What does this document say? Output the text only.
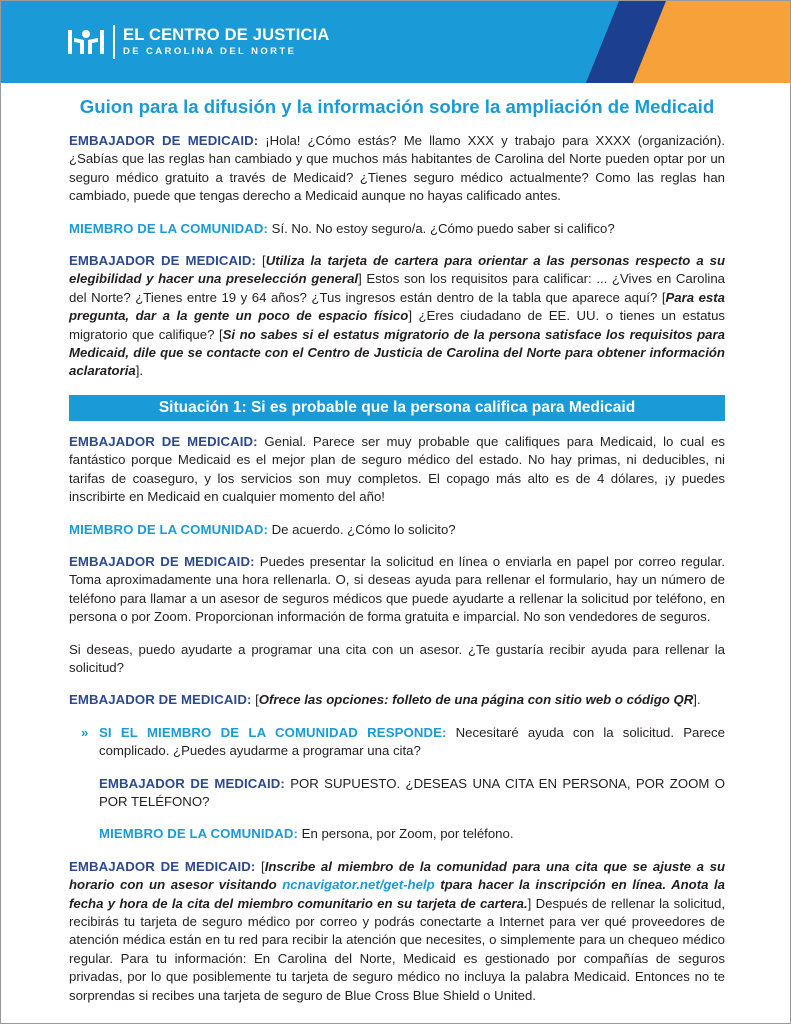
EL CENTRO DE JUSTICIA
DE CAROLINA DEL NORTE
Guion para la difusión y la información sobre la ampliación de Medicaid

EMBAJADOR DE MEDICAID: ¡Hola! ¿Cómo estás? Me llamo XXX y trabajo para XXXX (organización). ¿Sabías que las reglas han cambiado y que muchos más habitantes de Carolina del Norte pueden optar por un seguro médico gratuito a través de Medicaid? ¿Tienes seguro médico actualmente? Como las reglas han cambiado, puede que tengas derecho a Medicaid aunque no hayas calificado antes.

MIEMBRO DE LA COMUNIDAD: Sí. No. No estoy seguro/a. ¿Cómo puedo saber si califico?

EMBAJADOR DE MEDICAID: [Utiliza la tarjeta de cartera para orientar a las personas respecto a su elegibilidad y hacer una preselección general] Estos son los requisitos para calificar: ... ¿Vives en Carolina del Norte? ¿Tienes entre 19 y 64 años? ¿Tus ingresos están dentro de la tabla que aparece aquí? [Para esta pregunta, dar a la gente un poco de espacio físico] ¿Eres ciudadano de EE. UU. o tienes un estatus migratorio que califique? [Si no sabes si el estatus migratorio de la persona satisface los requisitos para Medicaid, dile que se contacte con el Centro de Justicia de Carolina del Norte para obtener información aclaratoria].

Situación 1: Si es probable que la persona califica para Medicaid

EMBAJADOR DE MEDICAID: Genial. Parece ser muy probable que califiques para Medicaid, lo cual es fantástico porque Medicaid es el mejor plan de seguro médico del estado. No hay primas, ni deducibles, ni tarifas de coaseguro, y los servicios son muy completos. El copago más alto es de 4 dólares, ¡y puedes inscribirte en Medicaid en cualquier momento del año!

MIEMBRO DE LA COMUNIDAD: De acuerdo. ¿Cómo lo solicito?

EMBAJADOR DE MEDICAID: Puedes presentar la solicitud en línea o enviarla en papel por correo regular. Toma aproximadamente una hora rellenarla. O, si deseas ayuda para rellenar el formulario, hay un número de teléfono para llamar a un asesor de seguros médicos que puede ayudarte a rellenar la solicitud por teléfono, en persona o por Zoom. Proporcionan información de forma gratuita e imparcial. No son vendedores de seguros.

Si deseas, puedo ayudarte a programar una cita con un asesor. ¿Te gustaría recibir ayuda para rellenar la solicitud?

EMBAJADOR DE MEDICAID: [Ofrece las opciones: folleto de una página con sitio web o código QR].

» SI EL MIEMBRO DE LA COMUNIDAD RESPONDE: Necesitaré ayuda con la solicitud. Parece complicado. ¿Puedes ayudarme a programar una cita?

EMBAJADOR DE MEDICAID: POR SUPUESTO. ¿DESEAS UNA CITA EN PERSONA, POR ZOOM O POR TELÉFONO?

MIEMBRO DE LA COMUNIDAD: En persona, por Zoom, por teléfono.

EMBAJADOR DE MEDICAID: [Inscribe al miembro de la comunidad para una cita que se ajuste a su horario con un asesor visitando ncnavigator.net/get-help tpara hacer la inscripción en línea. Anota la fecha y hora de la cita del miembro comunitario en su tarjeta de cartera.] Después de rellenar la solicitud, recibirás tu tarjeta de seguro médico por correo y podrás conectarte a Internet para ver qué proveedores de atención médica están en tu red para recibir la atención que necesites, o simplemente para un chequeo médico regular. Para tu información: En Carolina del Norte, Medicaid es gestionado por compañías de seguros privadas, por lo que posiblemente tu tarjeta de seguro médico no incluya la palabra Medicaid. Entonces no te sorprendas si recibes una tarjeta de seguro de Blue Cross Blue Shield o United.
